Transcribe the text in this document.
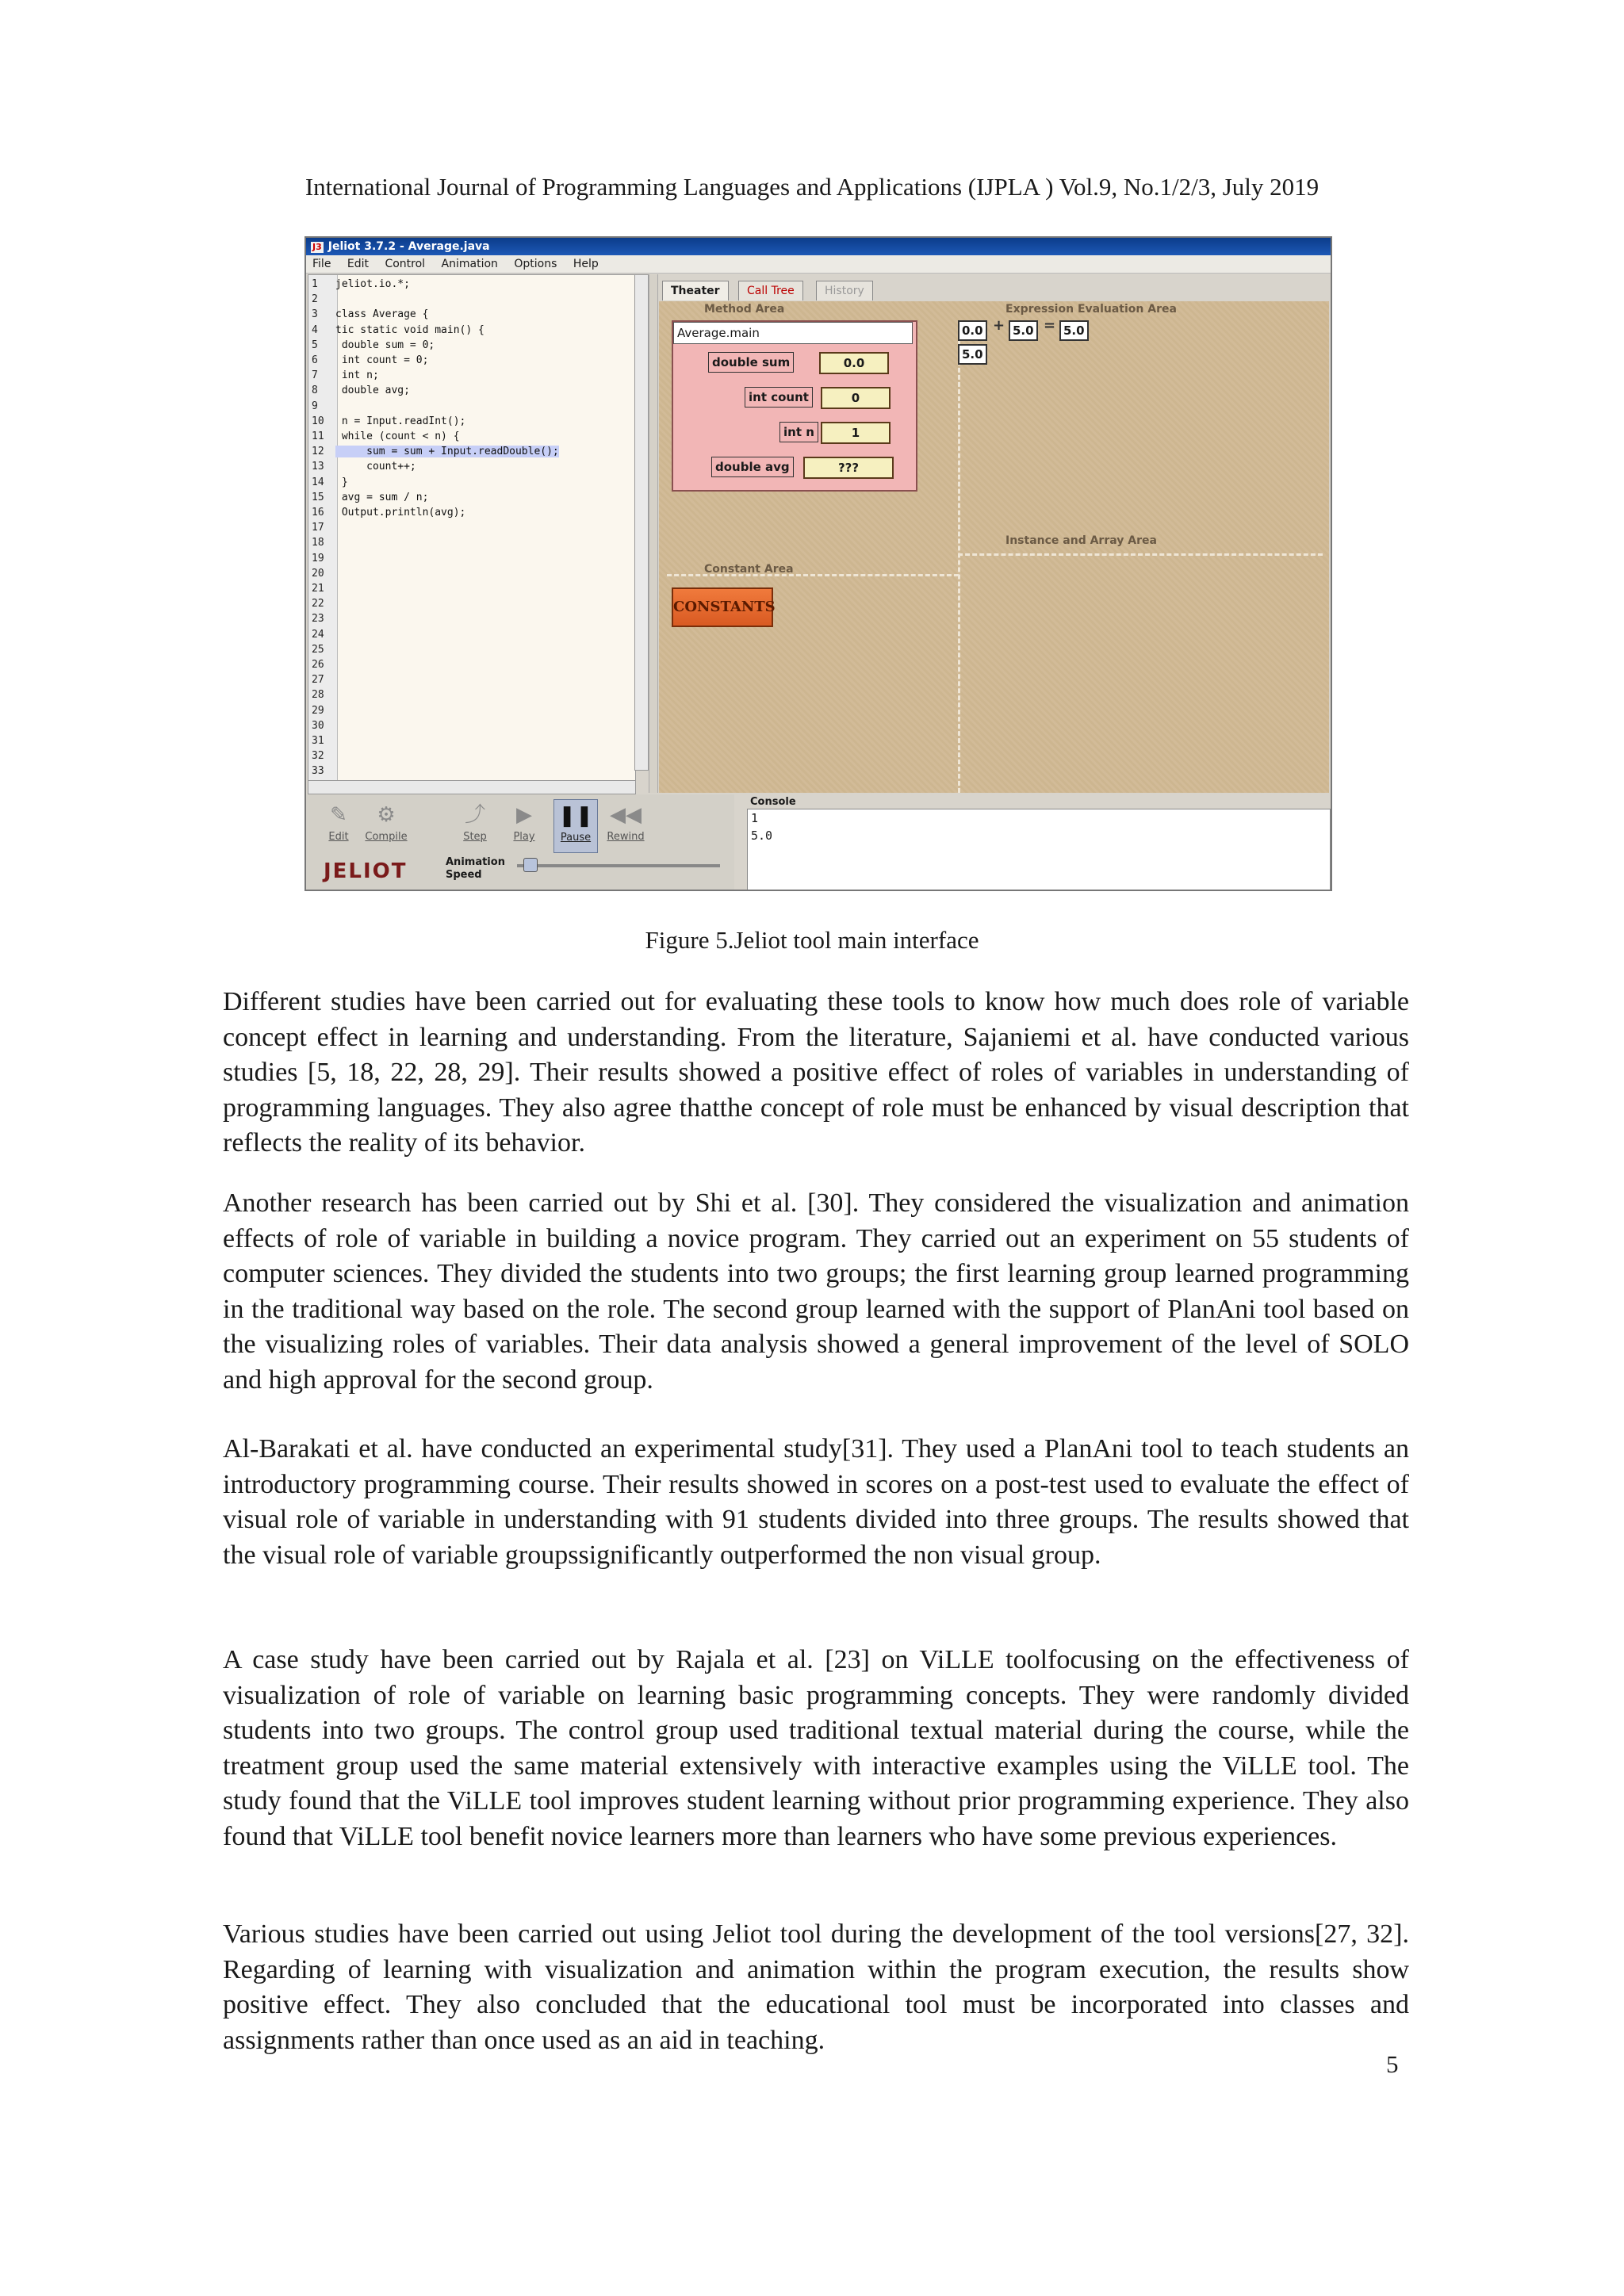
International Journal of Programming Languages and Applications (IJPLA ) Vol.9, No.1/2/3, July 2019
J3 Jeliot 3.7.2 - Average.java
File Edit Control Animation Options Help
1 jeliot.io.*;
2
3 class Average {
4 tic static void main() {
5 double sum = 0;
6 int count = 0;
7 int n;
8 double avg;
9
10 n = Input.readInt();
11 while (count < n) {
12     sum = sum + Input.readDouble();
13     count++;
14 }
15 avg = sum / n;
16 Output.println(avg);
17
18
19
20
21
22
23
24
25
26
27
28
29
30
31
32
33
Theater	Call Tree	History
Method Area	Expression Evaluation Area
Instance and Array Area
Constant Area
Average.main
double sum	0.0
int count	0
int n	1
double avg	???
0.0 + 5.0 = 5.0
5.0
CONSTANTS
✎
Edit
⚙
Compile
⤴
Step
▶
Play
❚❚
Pause
◀◀
Rewind
JELIOT	Animation
Speed
Console
1
5.0
Figure 5.Jeliot tool main interface
Different studies have been carried out for evaluating these tools to know how much does role of variable concept effect in learning and understanding. From the literature, Sajaniemi et al. have conducted various studies [5, 18, 22, 28, 29]. Their results showed a positive effect of roles of variables in understanding of programming languages. They also agree thatthe concept of role must be enhanced by visual description that reflects the reality of its behavior.
Another research has been carried out by Shi et al. [30]. They considered the visualization and animation effects of role of variable in building a novice program. They carried out an experiment on 55 students of computer sciences. They divided the students into two groups; the first learning group learned programming in the traditional way based on the role. The second group learned with the support of PlanAni tool based on the visualizing roles of variables. Their data analysis showed a general improvement of the level of SOLO and high approval for the second group.
Al-Barakati et al. have conducted an experimental study[31]. They used a PlanAni tool to teach students an introductory programming course. Their results showed in scores on a post-test used to evaluate the effect of visual role of variable in understanding with 91 students divided into three groups. The results showed that the visual role of variable groupssignificantly outperformed the non visual group.
A case study have been carried out by Rajala et al. [23] on ViLLE toolfocusing on the effectiveness of visualization of role of variable on learning basic programming concepts. They were randomly divided students into two groups. The control group used traditional textual material during the course, while the treatment group used the same material extensively with interactive examples using the ViLLE tool. The study found that the ViLLE tool improves student learning without prior programming experience. They also found that ViLLE tool benefit novice learners more than learners who have some previous experiences.
Various studies have been carried out using Jeliot tool during the development of the tool versions[27, 32]. Regarding of learning with visualization and animation within the program execution, the results show positive effect. They also concluded that the educational tool must be incorporated into classes and assignments rather than once used as an aid in teaching.
5
